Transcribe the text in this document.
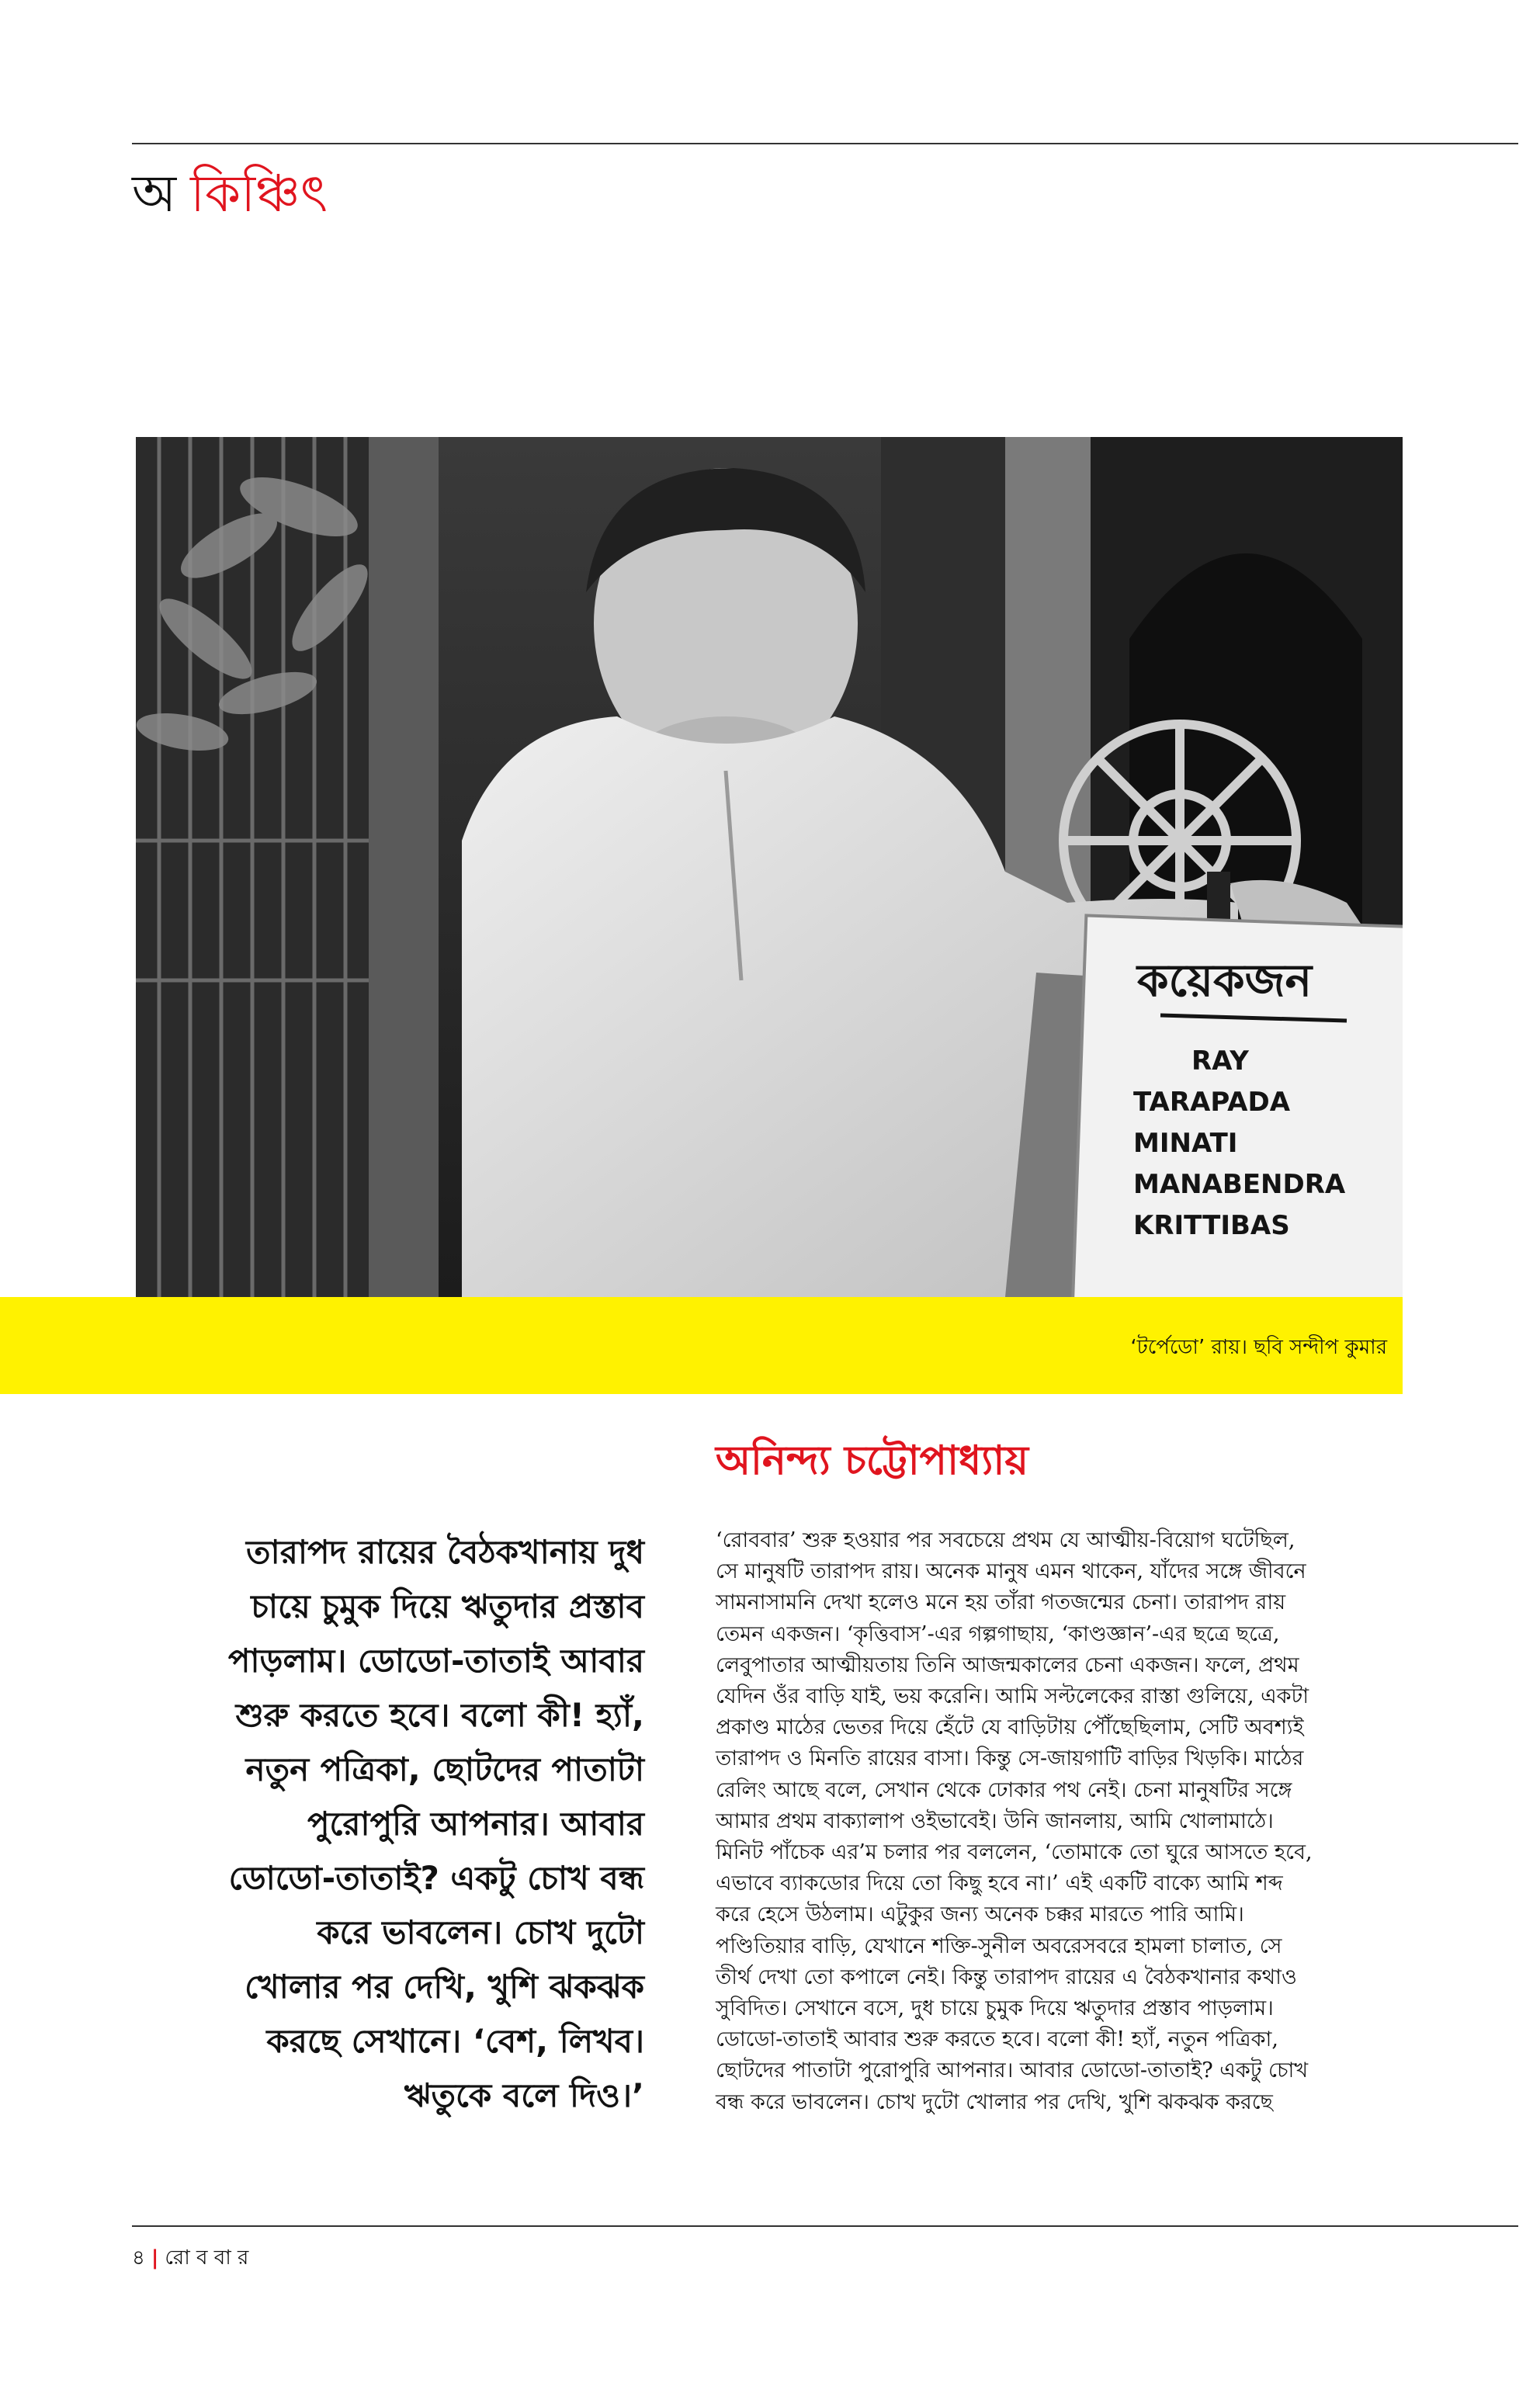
অ কিঞ্চিৎ
কয়েকজন
RAY
TARAPADA
MINATI
MANABENDRA
KRITTIBAS
‘টর্পেডো’ রায়। ছবি সন্দীপ কুমার
অনিন্দ্য চট্টোপাধ্যায়
তারাপদ রায়ের বৈঠকখানায় দুধ
চায়ে চুমুক দিয়ে ঋতুদার প্রস্তাব
পাড়লাম। ডোডো-তাতাই আবার
শুরু করতে হবে। বলো কী! হ্যাঁ,
নতুন পত্রিকা, ছোটদের পাতাটা
পুরোপুরি আপনার। আবার
ডোডো-তাতাই? একটু চোখ বন্ধ
করে ভাবলেন। চোখ দুটো
খোলার পর দেখি, খুশি ঝকঝক
করছে সেখানে। ‘বেশ, লিখব।
ঋতুকে বলে দিও।’
‘রোববার’ শুরু হওয়ার পর সবচেয়ে প্রথম যে আত্মীয়-বিয়োগ ঘটেছিল,
সে মানুষটি তারাপদ রায়। অনেক মানুষ এমন থাকেন, যাঁদের সঙ্গে জীবনে
সামনাসামনি দেখা হলেও মনে হয় তাঁরা গতজন্মের চেনা। তারাপদ রায়
তেমন একজন। ‘কৃত্তিবাস’-এর গল্পগাছায়, ‘কাণ্ডজ্ঞান’-এর ছত্রে ছত্রে,
লেবুপাতার আত্মীয়তায় তিনি আজন্মকালের চেনা একজন। ফলে, প্রথম
যেদিন ওঁর বাড়ি যাই, ভয় করেনি। আমি সল্টলেকের রাস্তা গুলিয়ে, একটা
প্রকাণ্ড মাঠের ভেতর দিয়ে হেঁটে যে বাড়িটায় পৌঁছেছিলাম, সেটি অবশ্যই
তারাপদ ও মিনতি রায়ের বাসা। কিন্তু সে-জায়গাটি বাড়ির খিড়কি। মাঠের
রেলিং আছে বলে, সেখান থেকে ঢোকার পথ নেই। চেনা মানুষটির সঙ্গে
আমার প্রথম বাক্যালাপ ওইভাবেই। উনি জানলায়, আমি খোলামাঠে।
মিনিট পাঁচেক এর’ম চলার পর বললেন, ‘তোমাকে তো ঘুরে আসতে হবে,
এভাবে ব্যাকডোর দিয়ে তো কিছু হবে না।’ এই একটি বাক্যে আমি শব্দ
করে হেসে উঠলাম। এটুকুর জন্য অনেক চক্কর মারতে পারি আমি।
পণ্ডিতিয়ার বাড়ি, যেখানে শক্তি-সুনীল অবরেসবরে হামলা চালাত, সে
তীর্থ দেখা তো কপালে নেই। কিন্তু তারাপদ রায়ের এ বৈঠকখানার কথাও
সুবিদিত। সেখানে বসে, দুধ চায়ে চুমুক দিয়ে ঋতুদার প্রস্তাব পাড়লাম।
ডোডো-তাতাই আবার শুরু করতে হবে। বলো কী! হ্যাঁ, নতুন পত্রিকা,
ছোটদের পাতাটা পুরোপুরি আপনার। আবার ডোডো-তাতাই? একটু চোখ
বন্ধ করে ভাবলেন। চোখ দুটো খোলার পর দেখি, খুশি ঝকঝক করছে
৪ | রো ব বা র
